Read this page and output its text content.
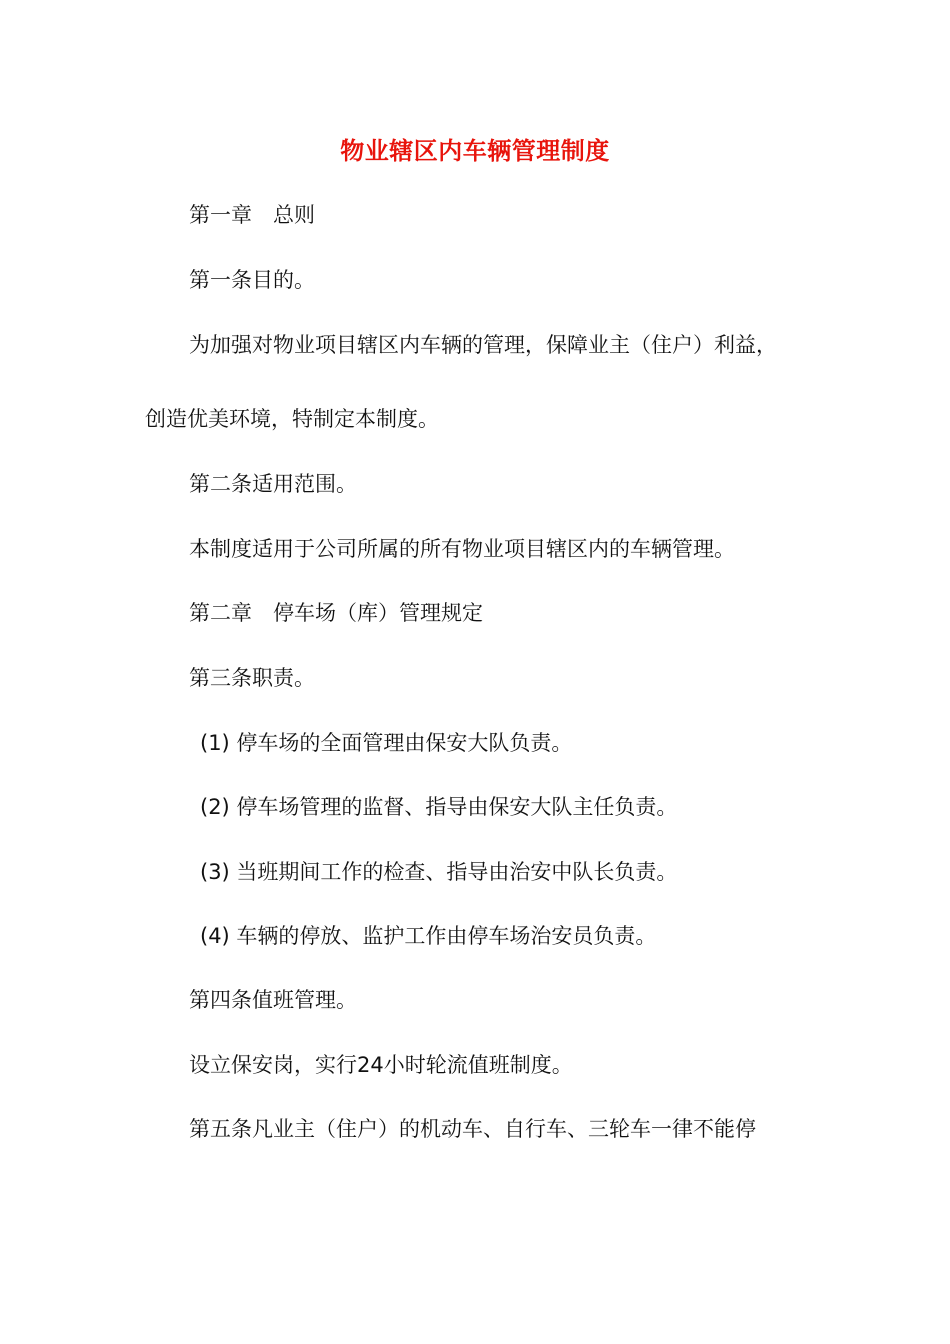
物业辖区内车辆管理制度
第一章　总则
第一条目的。
为加强对物业项目辖区内车辆的管理，保障业主（住户）利益，
创造优美环境，特制定本制度。
第二条适用范围。
本制度适用于公司所属的所有物业项目辖区内的车辆管理。
第二章　停车场（库）管理规定
第三条职责。
(1) 停车场的全面管理由保安大队负责。
(2) 停车场管理的监督、指导由保安大队主任负责。
(3) 当班期间工作的检查、指导由治安中队长负责。
(4) 车辆的停放、监护工作由停车场治安员负责。
第四条值班管理。
设立保安岗，实行24小时轮流值班制度。
第五条凡业主（住户）的机动车、自行车、三轮车一律不能停
